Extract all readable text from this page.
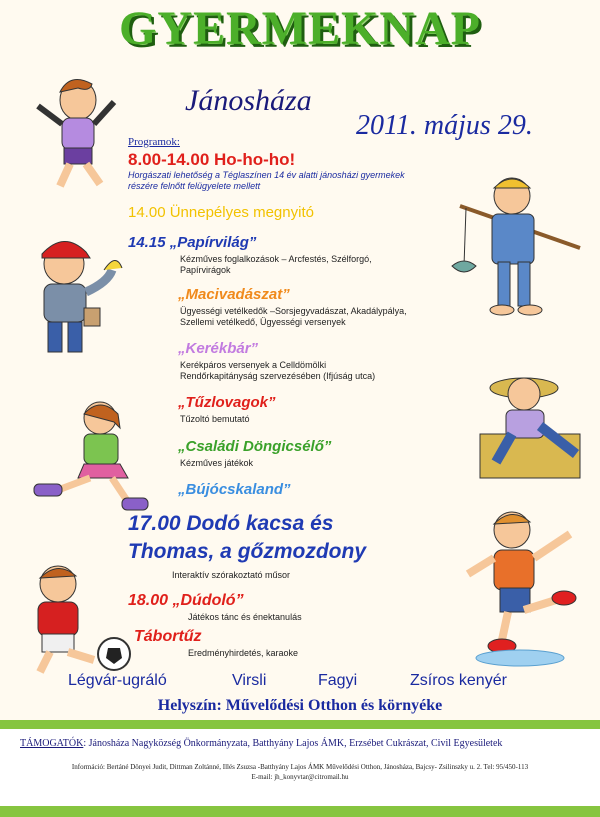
GYERMEKNAP
Jánosháza
2011. május 29.
Programok:
8.00-14.00 Ho-ho-ho!
Horgászati lehetőség a Téglaszínen 14 év alatti jánosházi gyermekek
részére felnőtt felügyelete mellett
14.00 Ünnepélyes megnyitó
14.15 „Papírvilág”
Kézműves foglalkozások – Arcfestés, Szélforgó,
Papírvirágok
„Macivadászat”
Ügyességi vetélkedők –Sorsjegyvadászat, Akadálypálya,
Szellemi vetélkedő, Ügyességi versenyek
„Kerékbár”
Kerékpáros versenyek a Celldömölki
Rendőrkapitányság szervezésében (Ifjúság utca)
„Tűzlovagok”
Tűzoltó bemutató
„Családi Döngicsélő”
Kézműves játékok
„Bújócskaland”
17.00 Dodó kacsa és
Thomas, a gőzmozdony
Interaktív szórakoztató műsor
18.00 „Dúdoló”
Játékos tánc és énektanulás
Tábortűz
Eredményhirdetés, karaoke
Légvár-ugráló	Virsli	Fagyi	Zsíros kenyér
Helyszín: Művelődési Otthon és környéke
TÁMOGATÓK: Jánosháza Nagyközség Önkormányzata, Batthyány Lajos ÁMK, Erzsébet Cukrászat, Civil Egyesületek
Információ: Bertáné Dönyei Judit, Dittman Zoltánné, Illés Zsuzsa -Batthyány Lajos ÁMK Művelődési Otthon, Jánosháza, Bajcsy- Zsilinszky u. 2. Tel: 95/450-113
E-mail: jh_konyvtar@citromail.hu
